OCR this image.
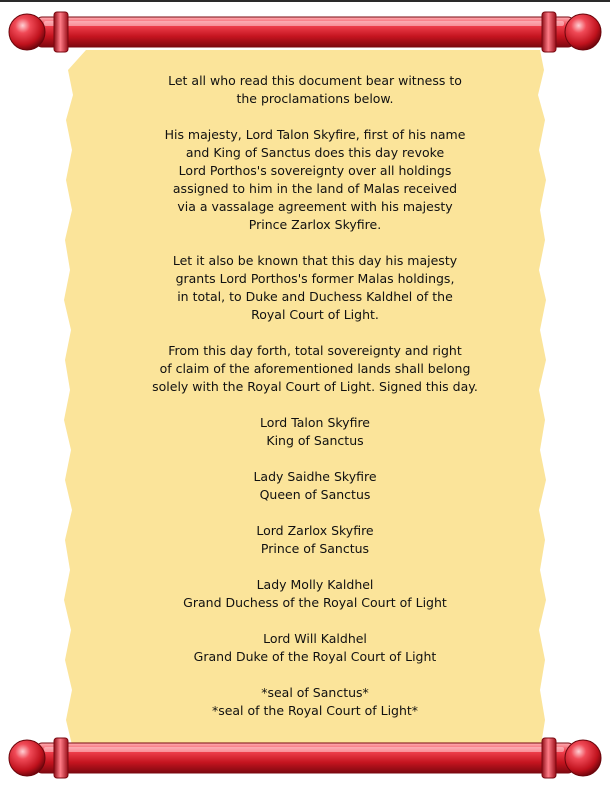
Let all who read this document bear witness to
the proclamations below.

His majesty, Lord Talon Skyfire, first of his name
and King of Sanctus does this day revoke
Lord Porthos's sovereignty over all holdings
assigned to him in the land of Malas received
via a vassalage agreement with his majesty
Prince Zarlox Skyfire.

Let it also be known that this day his majesty
grants Lord Porthos's former Malas holdings,
in total, to Duke and Duchess Kaldhel of the
Royal Court of Light.

From this day forth, total sovereignty and right
of claim of the aforementioned lands shall belong
solely with the Royal Court of Light. Signed this day.

Lord Talon Skyfire
King of Sanctus
Lady Saidhe Skyfire
Queen of Sanctus
Lord Zarlox Skyfire
Prince of Sanctus
Lady Molly Kaldhel
Grand Duchess of the Royal Court of Light
Lord Will Kaldhel
Grand Duke of the Royal Court of Light
*seal of Sanctus*
*seal of the Royal Court of Light*
